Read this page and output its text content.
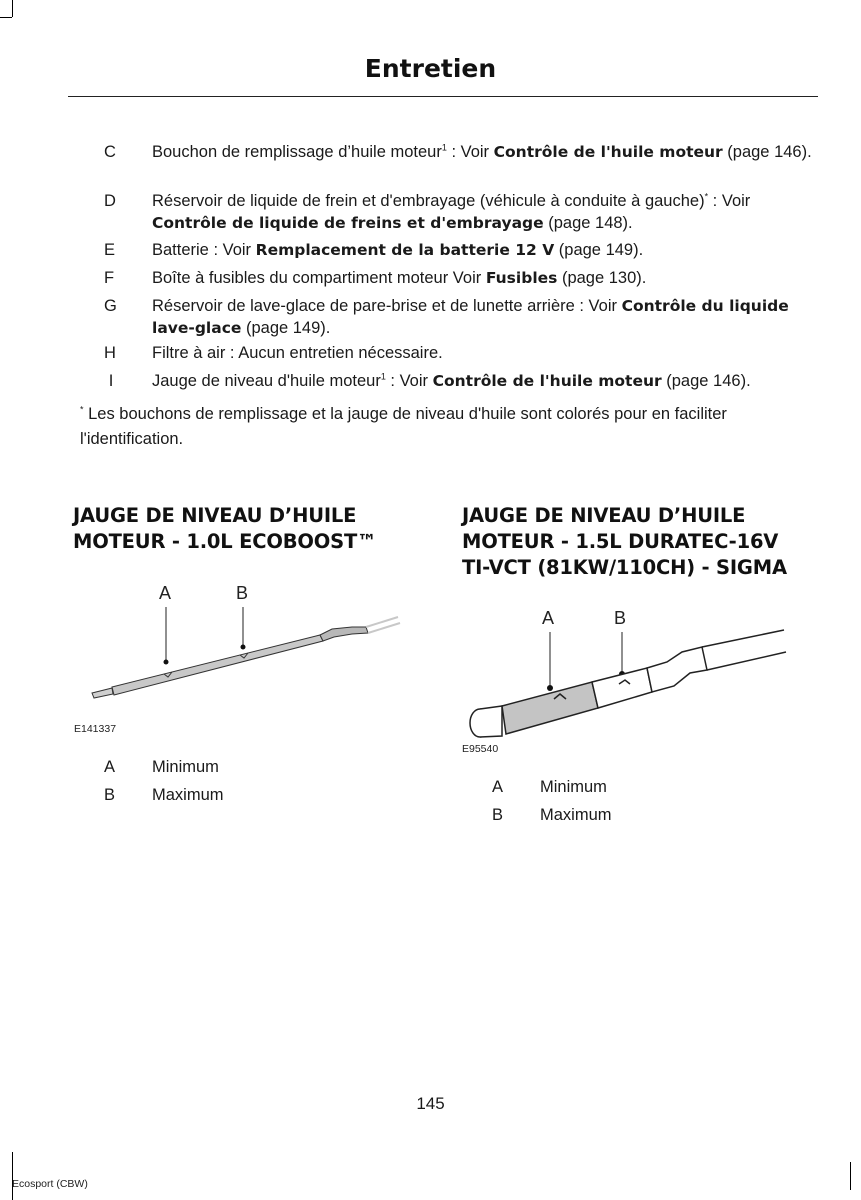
Entretien
C	Bouchon de remplissage d’huile moteur$^1$ : Voir Contrôle de l'huile moteur (page 146).
D	Réservoir de liquide de frein et d'embrayage (véhicule à conduite à gauche)* : Voir Contrôle de liquide de freins et d'embrayage (page 148).
E	Batterie : Voir Remplacement de la batterie 12 V (page 149).
F	Boîte à fusibles du compartiment moteur Voir Fusibles (page 130).
G	Réservoir de lave-glace de pare-brise et de lunette arrière : Voir Contrôle du liquide lave-glace (page 149).
H	Filtre à air : Aucun entretien nécessaire.
I Jauge de niveau d'huile moteur$^1$ : Voir Contrôle de l'huile moteur (page 146).
* Les bouchons de remplissage et la jauge de niveau d'huile sont colorés pour en faciliter l'identification.
JAUGE DE NIVEAU D’HUILE
MOTEUR - 1.0L ECOBOOST™
A	B
E141337
A Minimum
B Maximum
JAUGE DE NIVEAU D’HUILE
MOTEUR - 1.5L DURATEC-16V
TI-VCT (81KW/110CH) - SIGMA
A	B
E95540
A Minimum
B Maximum
145
Ecosport (CBW)
